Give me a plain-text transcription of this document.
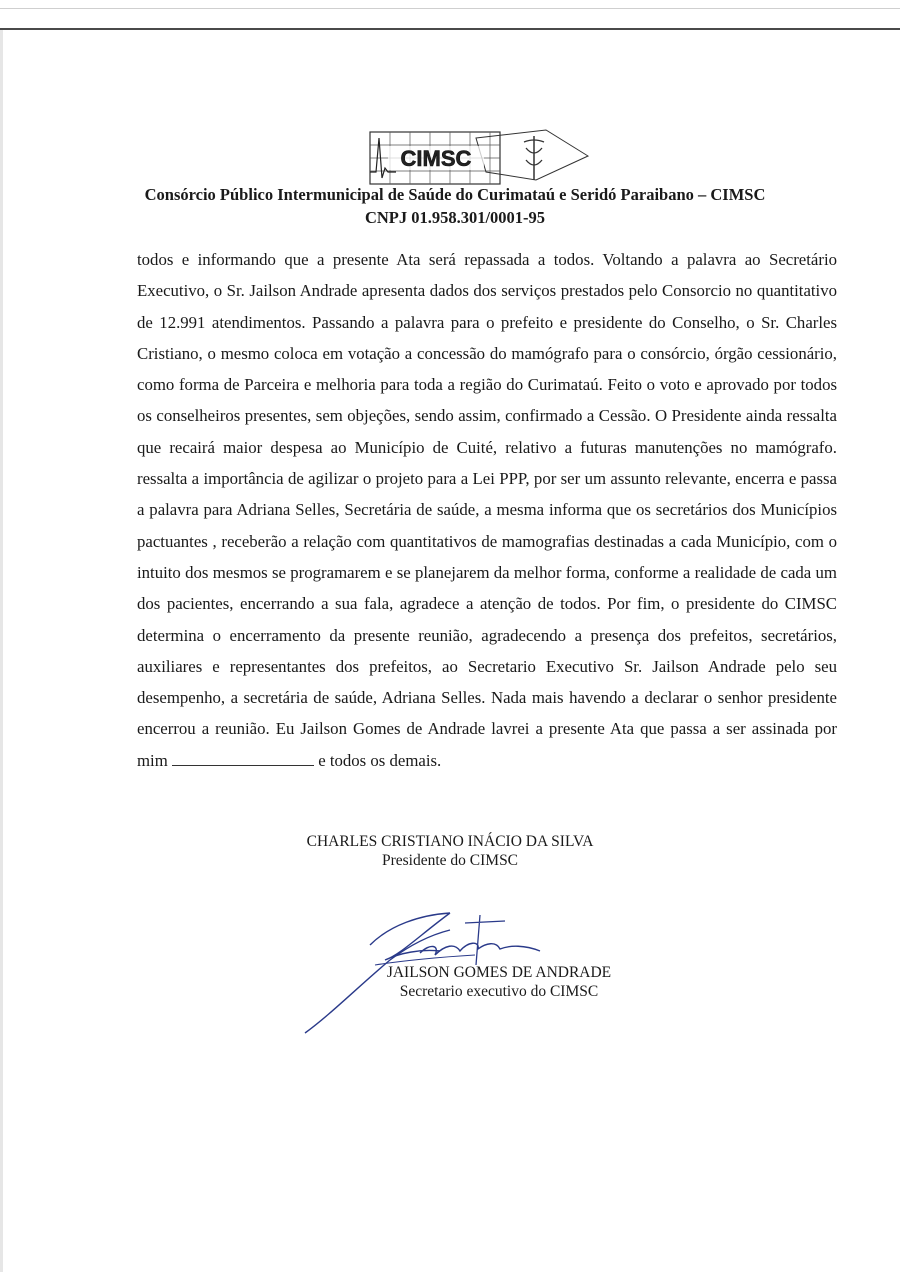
CIMSC
Consórcio Público Intermunicipal de Saúde do Curimataú e Seridó Paraibano – CIMSC
CNPJ 01.958.301/0001-95
todos e informando que a presente Ata será repassada a todos. Voltando a palavra ao Secretário Executivo, o Sr. Jailson Andrade apresenta dados dos serviços prestados pelo Consorcio no quantitativo de 12.991 atendimentos. Passando a palavra para o prefeito e presidente do Conselho, o Sr. Charles Cristiano, o mesmo coloca em votação a concessão do mamógrafo para o consórcio, órgão cessionário, como forma de Parceira e melhoria para toda a região do Curimataú. Feito o voto e aprovado por todos os conselheiros presentes, sem objeções, sendo assim, confirmado a Cessão. O Presidente ainda ressalta que recairá maior despesa ao Município de Cuité, relativo a futuras manutenções no mamógrafo. ressalta a importância de agilizar o projeto para a Lei PPP, por ser um assunto relevante, encerra e passa a palavra para Adriana Selles, Secretária de saúde, a mesma informa que os secretários dos Municípios pactuantes , receberão a relação com quantitativos de mamografias destinadas a cada Município, com o intuito dos mesmos se programarem e se planejarem da melhor forma, conforme a realidade de cada um dos pacientes, encerrando a sua fala, agradece a atenção de todos. Por fim, o presidente do CIMSC determina o encerramento da presente reunião, agradecendo a presença dos prefeitos, secretários, auxiliares e representantes dos prefeitos, ao Secretario Executivo Sr. Jailson Andrade pelo seu desempenho, a secretária de saúde, Adriana Selles. Nada mais havendo a declarar o senhor presidente encerrou a reunião. Eu Jailson Gomes de Andrade lavrei a presente Ata que passa a ser assinada por mim	e todos os demais.
CHARLES CRISTIANO INÁCIO DA SILVA
Presidente do CIMSC
JAILSON GOMES DE ANDRADE
Secretario executivo do CIMSC
